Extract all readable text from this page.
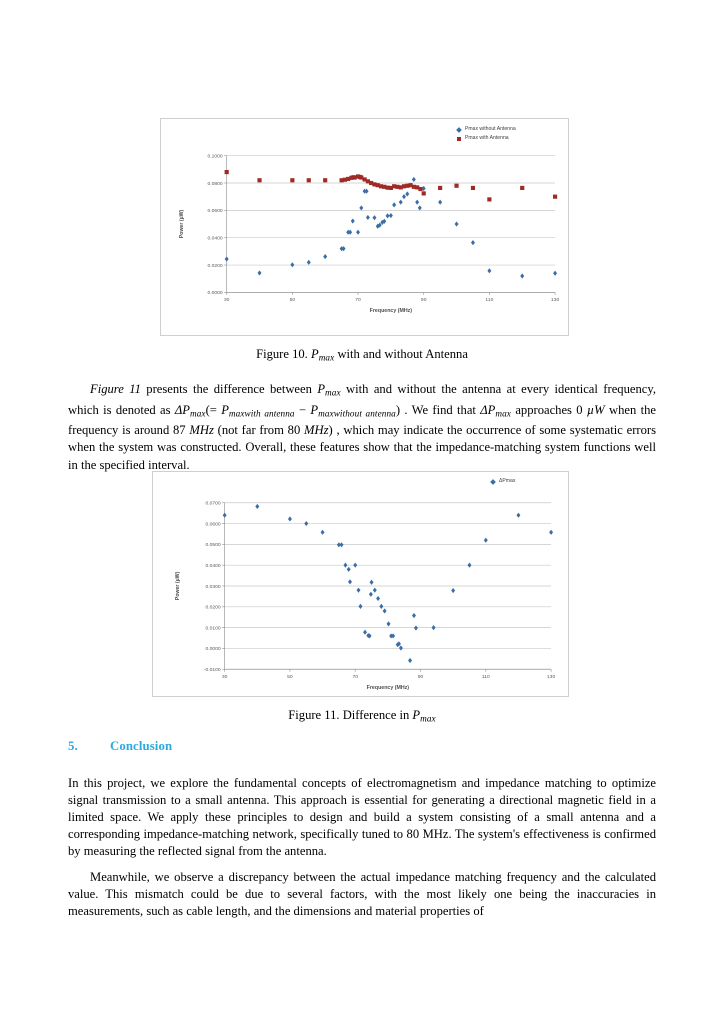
0.0000
0.0200
0.0400
0.0600
0.0800
0.1000
30	50	70	90	110	130
Frequency (MHz)
Power (µW)
Pmax without Antenna
Pmax with Antenna
Figure 10. $P_{max}$ with and without Antenna

Figure 11 presents the difference between $P_{max}$ with and without the antenna at every identical frequency, which is denoted as $\Delta P_{max}(= P_{maxwith antenna} - P_{maxwithout antenna})$ . We find that $\Delta P_{max}$ approaches 0 µW when the frequency is around 87 MHz (not far from 80 MHz) , which may indicate the occurrence of some systematic errors when the system was constructed. Overall, these features show that the impedance-matching system functions well in the specified interval.

-0.0100
0.0000
0.0100
0.0200
0.0300
0.0400
0.0500
0.0600
0.0700
30	50	70	90	110	130
Frequency (MHz)
Power (µW)
ΔPmax
Figure 11. Difference in $P_{max}$
5.	Conclusion

In this project, we explore the fundamental concepts of electromagnetism and impedance matching to optimize signal transmission to a small antenna. This approach is essential for generating a directional magnetic field in a limited space. We apply these principles to design and build a system consisting of a small antenna and a corresponding impedance-matching network, specifically tuned to 80 MHz. The system's effectiveness is confirmed by measuring the reflected signal from the antenna.

Meanwhile, we observe a discrepancy between the actual impedance matching frequency and the calculated value. This mismatch could be due to several factors, with the most likely one being the inaccuracies in measurements, such as cable length, and the dimensions and material properties of
